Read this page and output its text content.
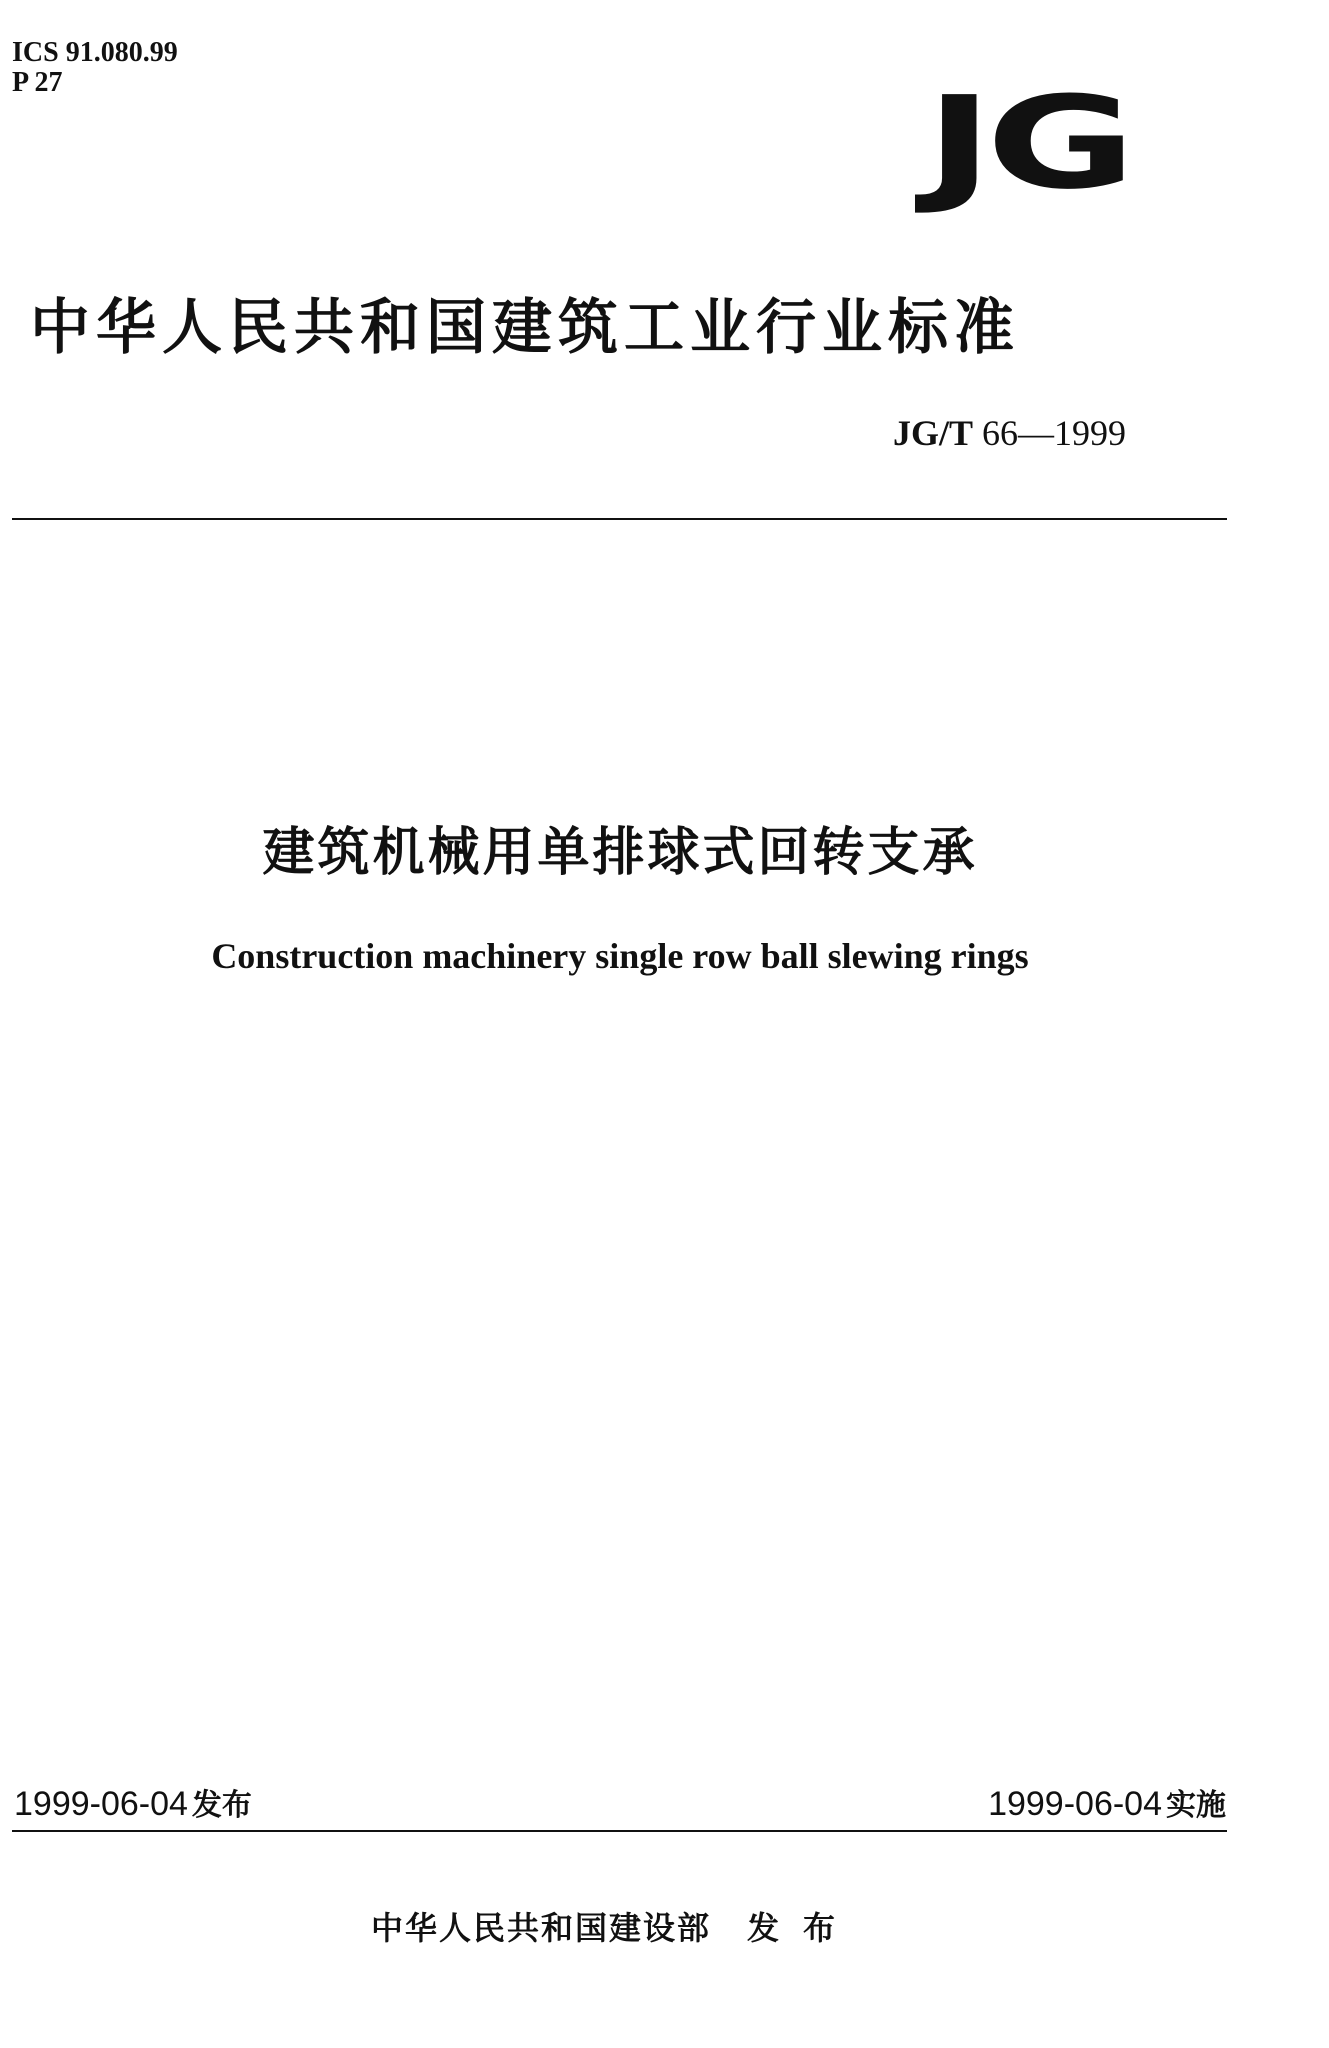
ICS 91.080.99
P 27	JG
中华人民共和国建筑工业行业标准
JG/T 66—1999
建筑机械用单排球式回转支承
Construction machinery single row ball slewing rings
1999-06-04 发布	1999-06-04 实施
中华人民共和国建设部 发布
